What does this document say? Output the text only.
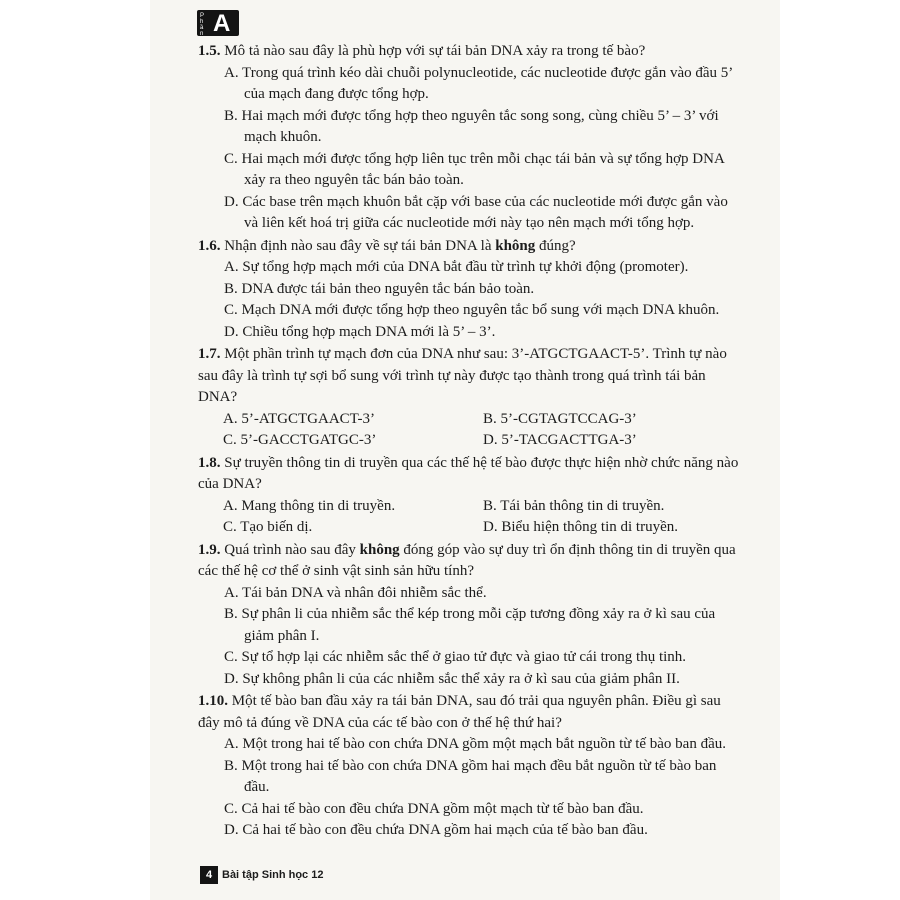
Phần A
1.5. Mô tả nào sau đây là phù hợp với sự tái bản DNA xảy ra trong tế bào?
A. Trong quá trình kéo dài chuỗi polynucleotide, các nucleotide được gắn vào đầu 5’ của mạch đang được tổng hợp.
B. Hai mạch mới được tổng hợp theo nguyên tắc song song, cùng chiều 5’ – 3’ với mạch khuôn.
C. Hai mạch mới được tổng hợp liên tục trên mỗi chạc tái bản và sự tổng hợp DNA xảy ra theo nguyên tắc bán bảo toàn.
D. Các base trên mạch khuôn bắt cặp với base của các nucleotide mới được gắn vào và liên kết hoá trị giữa các nucleotide mới này tạo nên mạch mới tổng hợp.
1.6. Nhận định nào sau đây về sự tái bản DNA là không đúng?
A. Sự tổng hợp mạch mới của DNA bắt đầu từ trình tự khởi động (promoter).
B. DNA được tái bản theo nguyên tắc bán bảo toàn.
C. Mạch DNA mới được tổng hợp theo nguyên tắc bổ sung với mạch DNA khuôn.
D. Chiều tổng hợp mạch DNA mới là 5’ – 3’.
1.7. Một phần trình tự mạch đơn của DNA như sau: 3’-ATGCTGAACT-5’. Trình tự nào sau đây là trình tự sợi bổ sung với trình tự này được tạo thành trong quá trình tái bản DNA?
A. 5’-ATGCTGAACT-3’	B. 5’-CGTAGTCCAG-3’
C. 5’-GACCTGATGC-3’	D. 5’-TACGACTTGA-3’
1.8. Sự truyền thông tin di truyền qua các thế hệ tế bào được thực hiện nhờ chức năng nào của DNA?
A. Mang thông tin di truyền.	B. Tái bản thông tin di truyền.
C. Tạo biến dị.	D. Biểu hiện thông tin di truyền.
1.9. Quá trình nào sau đây không đóng góp vào sự duy trì ổn định thông tin di truyền qua các thế hệ cơ thể ở sinh vật sinh sản hữu tính?
A. Tái bản DNA và nhân đôi nhiễm sắc thể.
B. Sự phân li của nhiễm sắc thể kép trong mỗi cặp tương đồng xảy ra ở kì sau của giảm phân I.
C. Sự tổ hợp lại các nhiễm sắc thể ở giao tử đực và giao tử cái trong thụ tinh.
D. Sự không phân li của các nhiễm sắc thể xảy ra ở kì sau của giảm phân II.
1.10. Một tế bào ban đầu xảy ra tái bản DNA, sau đó trải qua nguyên phân. Điều gì sau đây mô tả đúng về DNA của các tế bào con ở thế hệ thứ hai?
A. Một trong hai tế bào con chứa DNA gồm một mạch bắt nguồn từ tế bào ban đầu.
B. Một trong hai tế bào con chứa DNA gồm hai mạch đều bắt nguồn từ tế bào ban đầu.
C. Cả hai tế bào con đều chứa DNA gồm một mạch từ tế bào ban đầu.
D. Cả hai tế bào con đều chứa DNA gồm hai mạch của tế bào ban đầu.
4 Bài tập Sinh học 12
